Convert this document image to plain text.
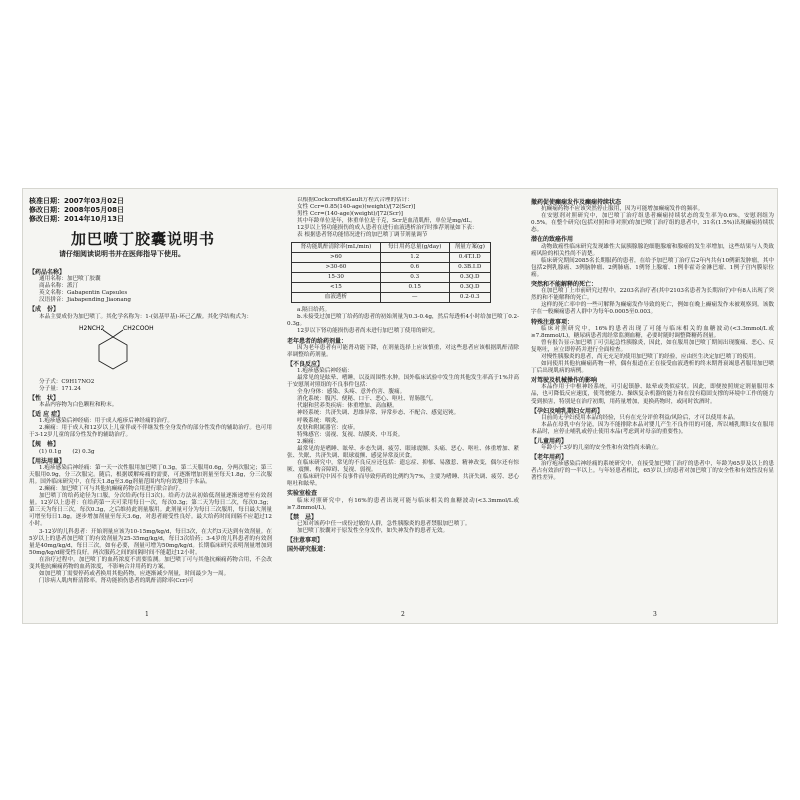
核准日期：2007年03月02日
修改日期：2008年05月08日
修改日期：2014年10月13日
加巴喷丁胶囊说明书
请仔细阅读说明书并在医师指导下使用。
【药品名称】
通用名称：加巴喷丁胶囊
商品名称：派汀
英文名称：Gabapentin Capsules
汉语拼音：Jiabapending Jiaonang
【成　份】

本品主要成份为加巴喷丁。其化学名称为：1-(氨基甲基)-环己乙酸。其化学结构式为：

H2NCH2	CH2COOH
分子式：C9H17NO2
分子量：171.24
【性　状】

本品内容物为白色颗粒和粉末。

【适 应 症】

1.疱疹感染后神经痛：用于成人疱疹后神经痛的治疗。

2.癫痫：用于成人和12岁以上儿童伴或不伴继发性全身发作的部分性发作的辅助治疗。也可用于3-12岁儿童的部分性发作的辅助治疗。

【规　格】
(1) 0.1g　　(2) 0.3g
【用法用量】

1.疱疹感染后神经痛：第一天一次性服用加巴喷丁0.3g，第二天服用0.6g，分两次服完；第三天服用0.9g，分三次服完。随后，根据缓解疼痛的需要，可逐渐增加剂量至每天1.8g，分三次服用。国外临床研究中，在每天1.8g至3.6g剂量范围内均有效地用于本品。

2.癫痫：加巴喷丁可与其他抗癫痫药物合用进行联合治疗。

加巴喷丁的给药途径为口服，分次给药(每日3次)。给药方法从初始低剂量逐渐递增至有效剂量。12岁以上患者：在给药第一天可采用每日一次，每次0.3g；第二天为每日二次，每次0.3g；第三天为每日三次，每次0.3g，之后维持此剂量服用。此剂量可分为每日三次服用，每日最大剂量可增至每日1.8g。逐步增加剂量至每天3.6g，对患者耐受性良好。最大给药时间间隔不应超过12小时。

3-12岁的儿科患者：开始剂量应该为10-15mg/kg/d，每日3次，在大约3天达到有效剂量。在5岁以上的患者加巴喷丁的有效剂量为25-35mg/kg/d，每日3次给药；3-4岁的儿科患者的有效剂量是40mg/kg/d，每日三次。如有必要，剂量可增为50mg/kg/d。长期临床研究表明剂量增加到50mg/kg/d耐受性良好。两次服药之间的间隔时间不能超过12小时。

在治疗过程中，加巴喷丁的血药浓度不需要监测。加巴喷丁可与其他抗癫痫药物合用，不会改变其他抗癫痫药物的血药浓度，不影响合并用药的方案。

如加巴喷丁需要停药或者换用其他药物，应逐渐减少剂量，时间最少为一周。

门诊病人肌肉酐清除率。肾功能损伤患者的肌酐清除率(Ccr)可

以根据Cockcroft和Gault方程式合理的估计：

女性 Ccr=0.85(140-age)(weight)/[72(Scr)]
男性 Ccr=(140-age)(weight)/[72(Scr)]

其中年龄单位是年，体重单位是千克，Scr是血清肌酐，单位是mg/dL。

12岁以上肾功能损伤的成人患者在进行血液透析治疗时推荐剂量如下表：

表 根据患者肾功能情况进行的加巴喷丁调节剂量调节
肾功能肌酐清除率(mL/min)	每日用药总量(g/day)	剂量方案(g)
>60	1.2	0.4T.I.D
>30-60	0.6	0.3B.I.D
15-30	0.3	0.3Q.D
<15	0.15	0.3Q.D
血液透析	—	0.2-0.3
a.隔日给药。

b.未接受过加巴喷丁给药的患者的初始剂量为0.3-0.4g，然后每透析4小时给加巴喷丁0.2-0.3g。

12岁以下肾功能损伤患者尚未进行加巴喷丁使用的研究。

老年患者的给药剂量：

因为老年患者有可能肾功能下降，在剂量选择上应该慎重，对这些患者应该根据肌酐清除率调整给药剂量。

【不良反应】
1.疱疹感染后神经痛：

最常见的是眩晕、嗜睡，以及周围性水肿。国外临床试验中发生的其他发生率高于1%并高于安慰剂对照组的不良事件包括：

全身/身体：感染、头疼、意外伤害、腹痛。

消化系统：腹泻、便秘、口干、恶心、呕吐、胃肠胀气。

代谢和营养类疾病：体重增加、高血糖。

神经系统：共济失调、思维异常、异常步态、不配合、感觉迟钝。

呼吸系统：咽炎。

皮肤和附属器官：皮疹。

特殊感官：弱视、复视、结膜炎、中耳炎。

2.癫痫：

最常见的是嗜睡、眩晕、步态失调、疲劳、眼球震颤、头痛、恶心、呕吐、体重增加、紧张、失眠、共济失调、眼球震颤、感觉异常及厌食。

在临床研究中，常见的不良反应还包括：遗忘症、抑郁、易激惹、精神改变，偶尔还有惊厥、震颤、构音障碍、复视、弱视。

在临床研究中因不良事件而导致停药的比例约为7%，主要为嗜睡、共济失调、疲劳、恶心呕吐和眩晕。

实验室检查

临床对照研究中，有16%的患者出现可能与临床相关的血糖波动(<3.3mmol/L或≥7.8mmol/L)。

【禁　忌】

已知对该药中任一成份过敏的人群，急性胰腺炎的患者禁服加巴喷丁。

加巴喷丁胶囊对于原发性全身发作，如失神发作的患者无效。

【注意事项】
国外研究报道：
撤药促使癫痫发作及癫痫持续状态

抗癫痫药物不应该突然停止服用，因为可能增加癫痫发作的频率。

在安慰剂对照研究中，加巴喷丁治疗组患者癫痫持续状态的发生率为0.6%，安慰剂组为0.5%。在整个研究(包括对照和非对照)的加巴喷丁治疗组的患者中，31名(1.5%)出现癫痫持续状态。

潜在的致癌作用

动物致癌性临床研究发现雄性大鼠胰腺腺泡细胞腺瘤和腺癌的发生率增加，这些结果与人类致癌风险的相关性尚不清楚。

临床研究期间2085名长期服药的患者，在给予加巴喷丁治疗后2年内共有10例新发肿瘤，其中包括2例乳腺癌、3例脑肿瘤、2例肺癌、1例肾上腺瘤、1例非霍奇金淋巴瘤、1例子宫内膜原位癌。

突然和不能解释的死亡：

在加巴喷丁上市前研究过程中，2203名治疗者(其中2103名患者为长期治疗)中有8人出现了突然的和不能解释的死亡。

这样的死亡率中的一些可解释为癫痫发作导致的死亡，例如在晚上癫痫发作未被观察到。该数字在一般癫痫患者人群中为每年0.0005至0.003。

特殊注意事项：

临床对照研究中，16%的患者出现了可能与临床相关的血糖波动(<3.3mmol/L或≥7.8mmol/L)，糖尿病患者需经常监测血糖，必要时随时调整降糖药剂量。

曾有报告显示加巴喷丁可引起急性胰腺炎，因此，如在服用加巴喷丁期间出现腹痛、恶心、反复呕吐，应立即停药并进行全面检查。

对慢性胰腺炎的患者，尚无充足的使用加巴喷丁的经验，应由医生决定加巴喷丁的使用。

如同使用其他抗癫痫药物一样，偶有报道在正在接受血液透析的终末期肾衰竭患者服用加巴喷丁后出现肌病的病例。

对驾驶及机械操作的影响

本品作用于中枢神经系统，可引起镇静、眩晕或类似症状。因此，即便按照规定剂量服用本品，也可降低反应速度，使驾驶能力、操纵复杂机器的能力和在没有稳固支撑的环境中工作的能力受到损害，特别是在治疗初期，用药量增加，更换药物时，或同时饮酒时。

【孕妇及哺乳期妇女用药】

目前尚无孕妇使用本品的经验，只有在充分评价利益/风险后，才可以使用本品。

本品在母乳中有分泌，因为不能排除本品对婴儿产生不良作用的可能，所以哺乳期妇女在服用本品时，应停止哺乳或停止使用本品(考虑到对母亲的重要性)。

【儿童用药】

年龄小于3岁的儿童的安全性和有效性尚未确立。

【老年用药】

治疗疱疹感染后神经痛的系统研究中，在接受加巴喷丁治疗的患者中，年龄为65岁及以上的患者占有效治疗的一半以上。与年轻患者相比，65岁以上的患者对加巴喷丁的安全性和有效性没有显著性差异。

1	2	3
